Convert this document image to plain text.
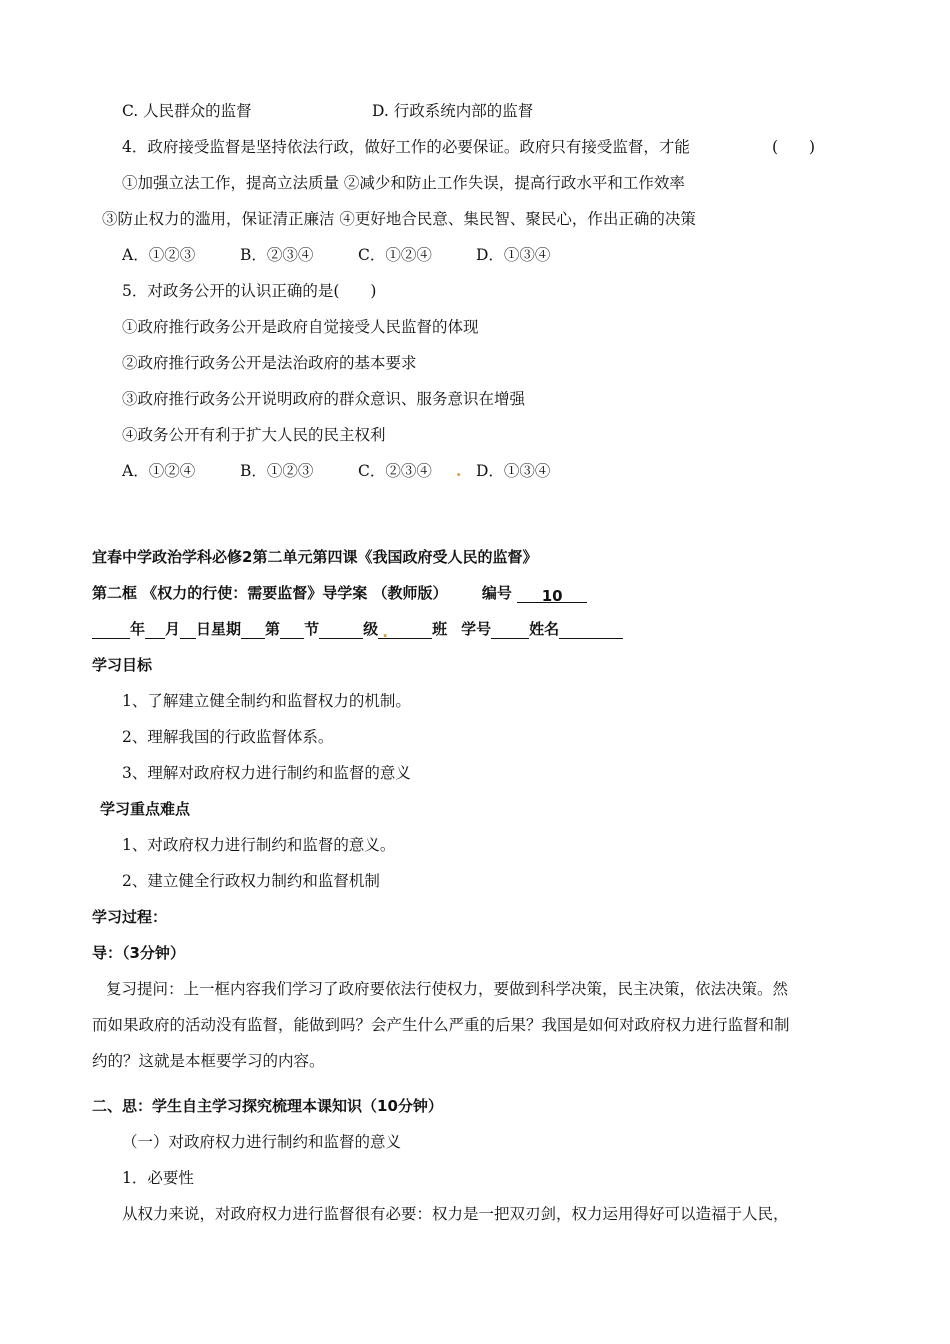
C. 人民群众的监督	D. 行政系统内部的监督
4．政府接受监督是坚持依法行政，做好工作的必要保证。政府只有接受监督，才能	(　　)
①加强立法工作，提高立法质量 ②减少和防止工作失误，提高行政水平和工作效率
③防止权力的滥用，保证清正廉洁 ④更好地合民意、集民智、聚民心，作出正确的决策
A．①②③	B．②③④	C．①②④	D．①③④
5．对政务公开的认识正确的是(　　)
①政府推行政务公开是政府自觉接受人民监督的体现
②政府推行政务公开是法治政府的基本要求
③政府推行政务公开说明政府的群众意识、服务意识在增强
④政务公开有利于扩大人民的民主权利
A．①②④	B．①②③	C．②③④ . D．①③④
宜春中学政治学科必修2第二单元第四课《我国政府受人民的监督》
第二框 《权力的行使：需要监督》导学案 （教师版） 编号 10
年 月 日星期 第 节	级 .	班 学号	姓名
学习目标
1、了解建立健全制约和监督权力的机制。
2、理解我国的行政监督体系。
3、理解对政府权力进行制约和监督的意义
学习重点难点
1、对政府权力进行制约和监督的意义。
2、建立健全行政权力制约和监督机制
学习过程：
导：（3分钟）
复习提问：上一框内容我们学习了政府要依法行使权力，要做到科学决策，民主决策，依法决策。然
而如果政府的活动没有监督，能做到吗？会产生什么严重的后果？我国是如何对政府权力进行监督和制
约的？这就是本框要学习的内容。
二、思：学生自主学习探究梳理本课知识（10分钟）
（一）对政府权力进行制约和监督的意义
1．必要性
从权力来说，对政府权力进行监督很有必要：权力是一把双刃剑，权力运用得好可以造福于人民，
